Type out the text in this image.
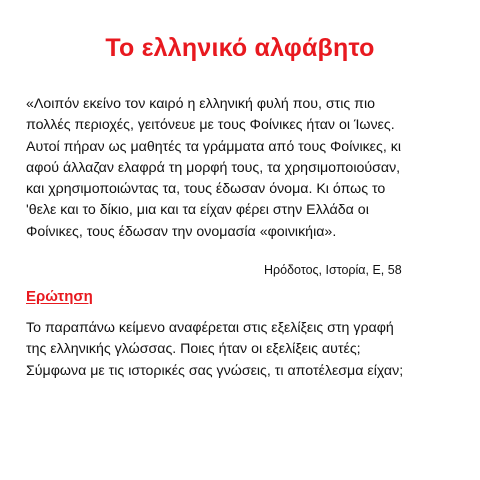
Το ελληνικό αλφάβητο
«Λοιπόν εκείνο τον καιρό η ελληνική φυλή που, στις πιο
πολλές περιοχές, γειτόνευε με τους Φοίνικες ήταν οι Ίωνες.
Αυτοί πήραν ως μαθητές τα γράμματα από τους Φοίνικες, κι
αφού άλλαζαν ελαφρά τη μορφή τους, τα χρησιμοποιούσαν,
και χρησιμοποιώντας τα, τους έδωσαν όνομα. Κι όπως το
'θελε και το δίκιο, μια και τα είχαν φέρει στην Ελλάδα οι
Φοίνικες, τους έδωσαν την ονομασία «φοινικήια».
Ηρόδοτος, Ιστορία, Ε, 58
Ερώτηση
Το παραπάνω κείμενο αναφέρεται στις εξελίξεις στη γραφή
της ελληνικής γλώσσας. Ποιες ήταν οι εξελίξεις αυτές;
Σύμφωνα με τις ιστορικές σας γνώσεις, τι αποτέλεσμα είχαν;
